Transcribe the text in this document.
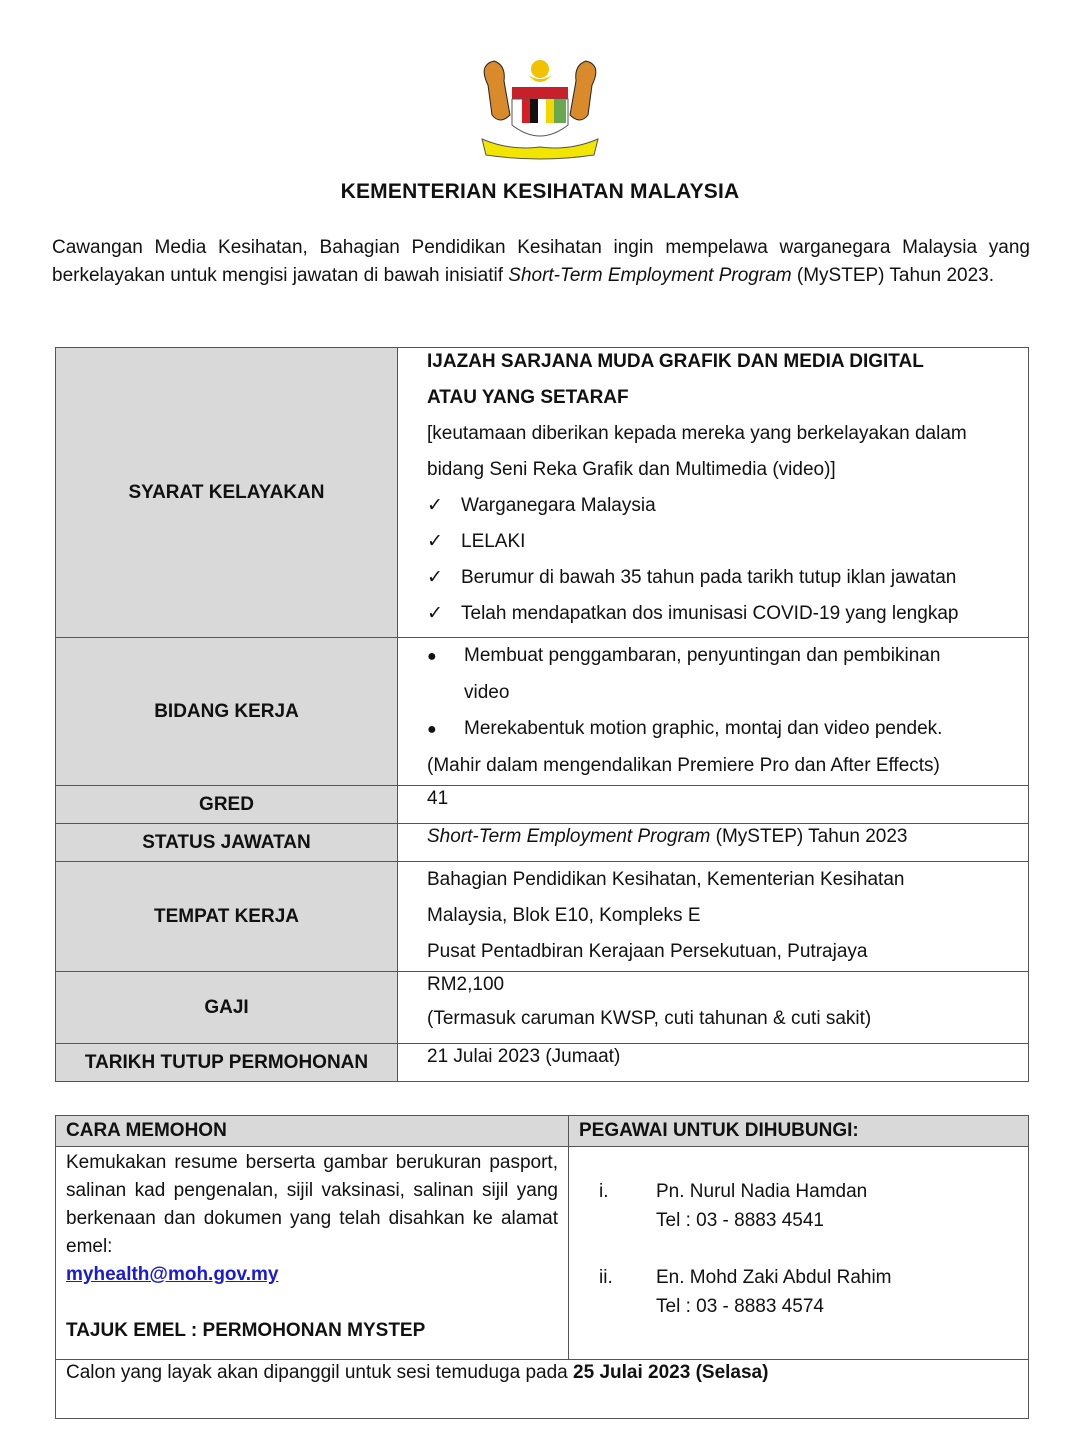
KEMENTERIAN KESIHATAN MALAYSIA
Cawangan Media Kesihatan, Bahagian Pendidikan Kesihatan ingin mempelawa warganegara Malaysia yang berkelayakan untuk mengisi jawatan di bawah inisiatif Short-Term Employment Program (MySTEP) Tahun 2023.
SYARAT KELAYAKAN	
IJAZAH SARJANA MUDA GRAFIK DAN MEDIA DIGITAL
ATAU YANG SETARAF
[keutamaan diberikan kepada mereka yang berkelayakan dalam
bidang Seni Reka Grafik dan Multimedia (video)]
✓ Warganegara Malaysia
✓ LELAKI
✓ Berumur di bawah 35 tahun pada tarikh tutup iklan jawatan
✓ Telah mendapatkan dos imunisasi COVID-19 yang lengkap

BIDANG KERJA	
●	Membuat penggambaran, penyuntingan dan pembikinan
video
●	Merekabentuk motion graphic, montaj dan video pendek.
(Mahir dalam mengendalikan Premiere Pro dan After Effects)

GRED	41
STATUS JAWATAN	Short-Term Employment Program (MySTEP) Tahun 2023
TEMPAT KERJA	Bahagian Pendidikan Kesihatan, Kementerian Kesihatan
Malaysia, Blok E10, Kompleks E
Pusat Pentadbiran Kerajaan Persekutuan, Putrajaya

GAJI	RM2,100
(Termasuk caruman KWSP, cuti tahunan & cuti sakit)

TARIKH TUTUP PERMOHONAN	21 Julai 2023 (Jumaat)
CARA MEMOHON	PEGAWAI UNTUK DIHUBUNGI:

Kemukakan resume berserta gambar berukuran pasport, salinan kad pengenalan, sijil vaksinasi, salinan sijil yang berkenaan dan dokumen yang telah disahkan ke alamat emel:
myhealth@moh.gov.my
TAJUK EMEL : PERMOHONAN MYSTEP

i.	Pn. Nurul Nadia Hamdan
Tel : 03 - 8883 4541
ii.	En. Mohd Zaki Abdul Rahim
Tel : 03 - 8883 4574

Calon yang layak akan dipanggil untuk sesi temuduga pada 25 Julai 2023 (Selasa)	
